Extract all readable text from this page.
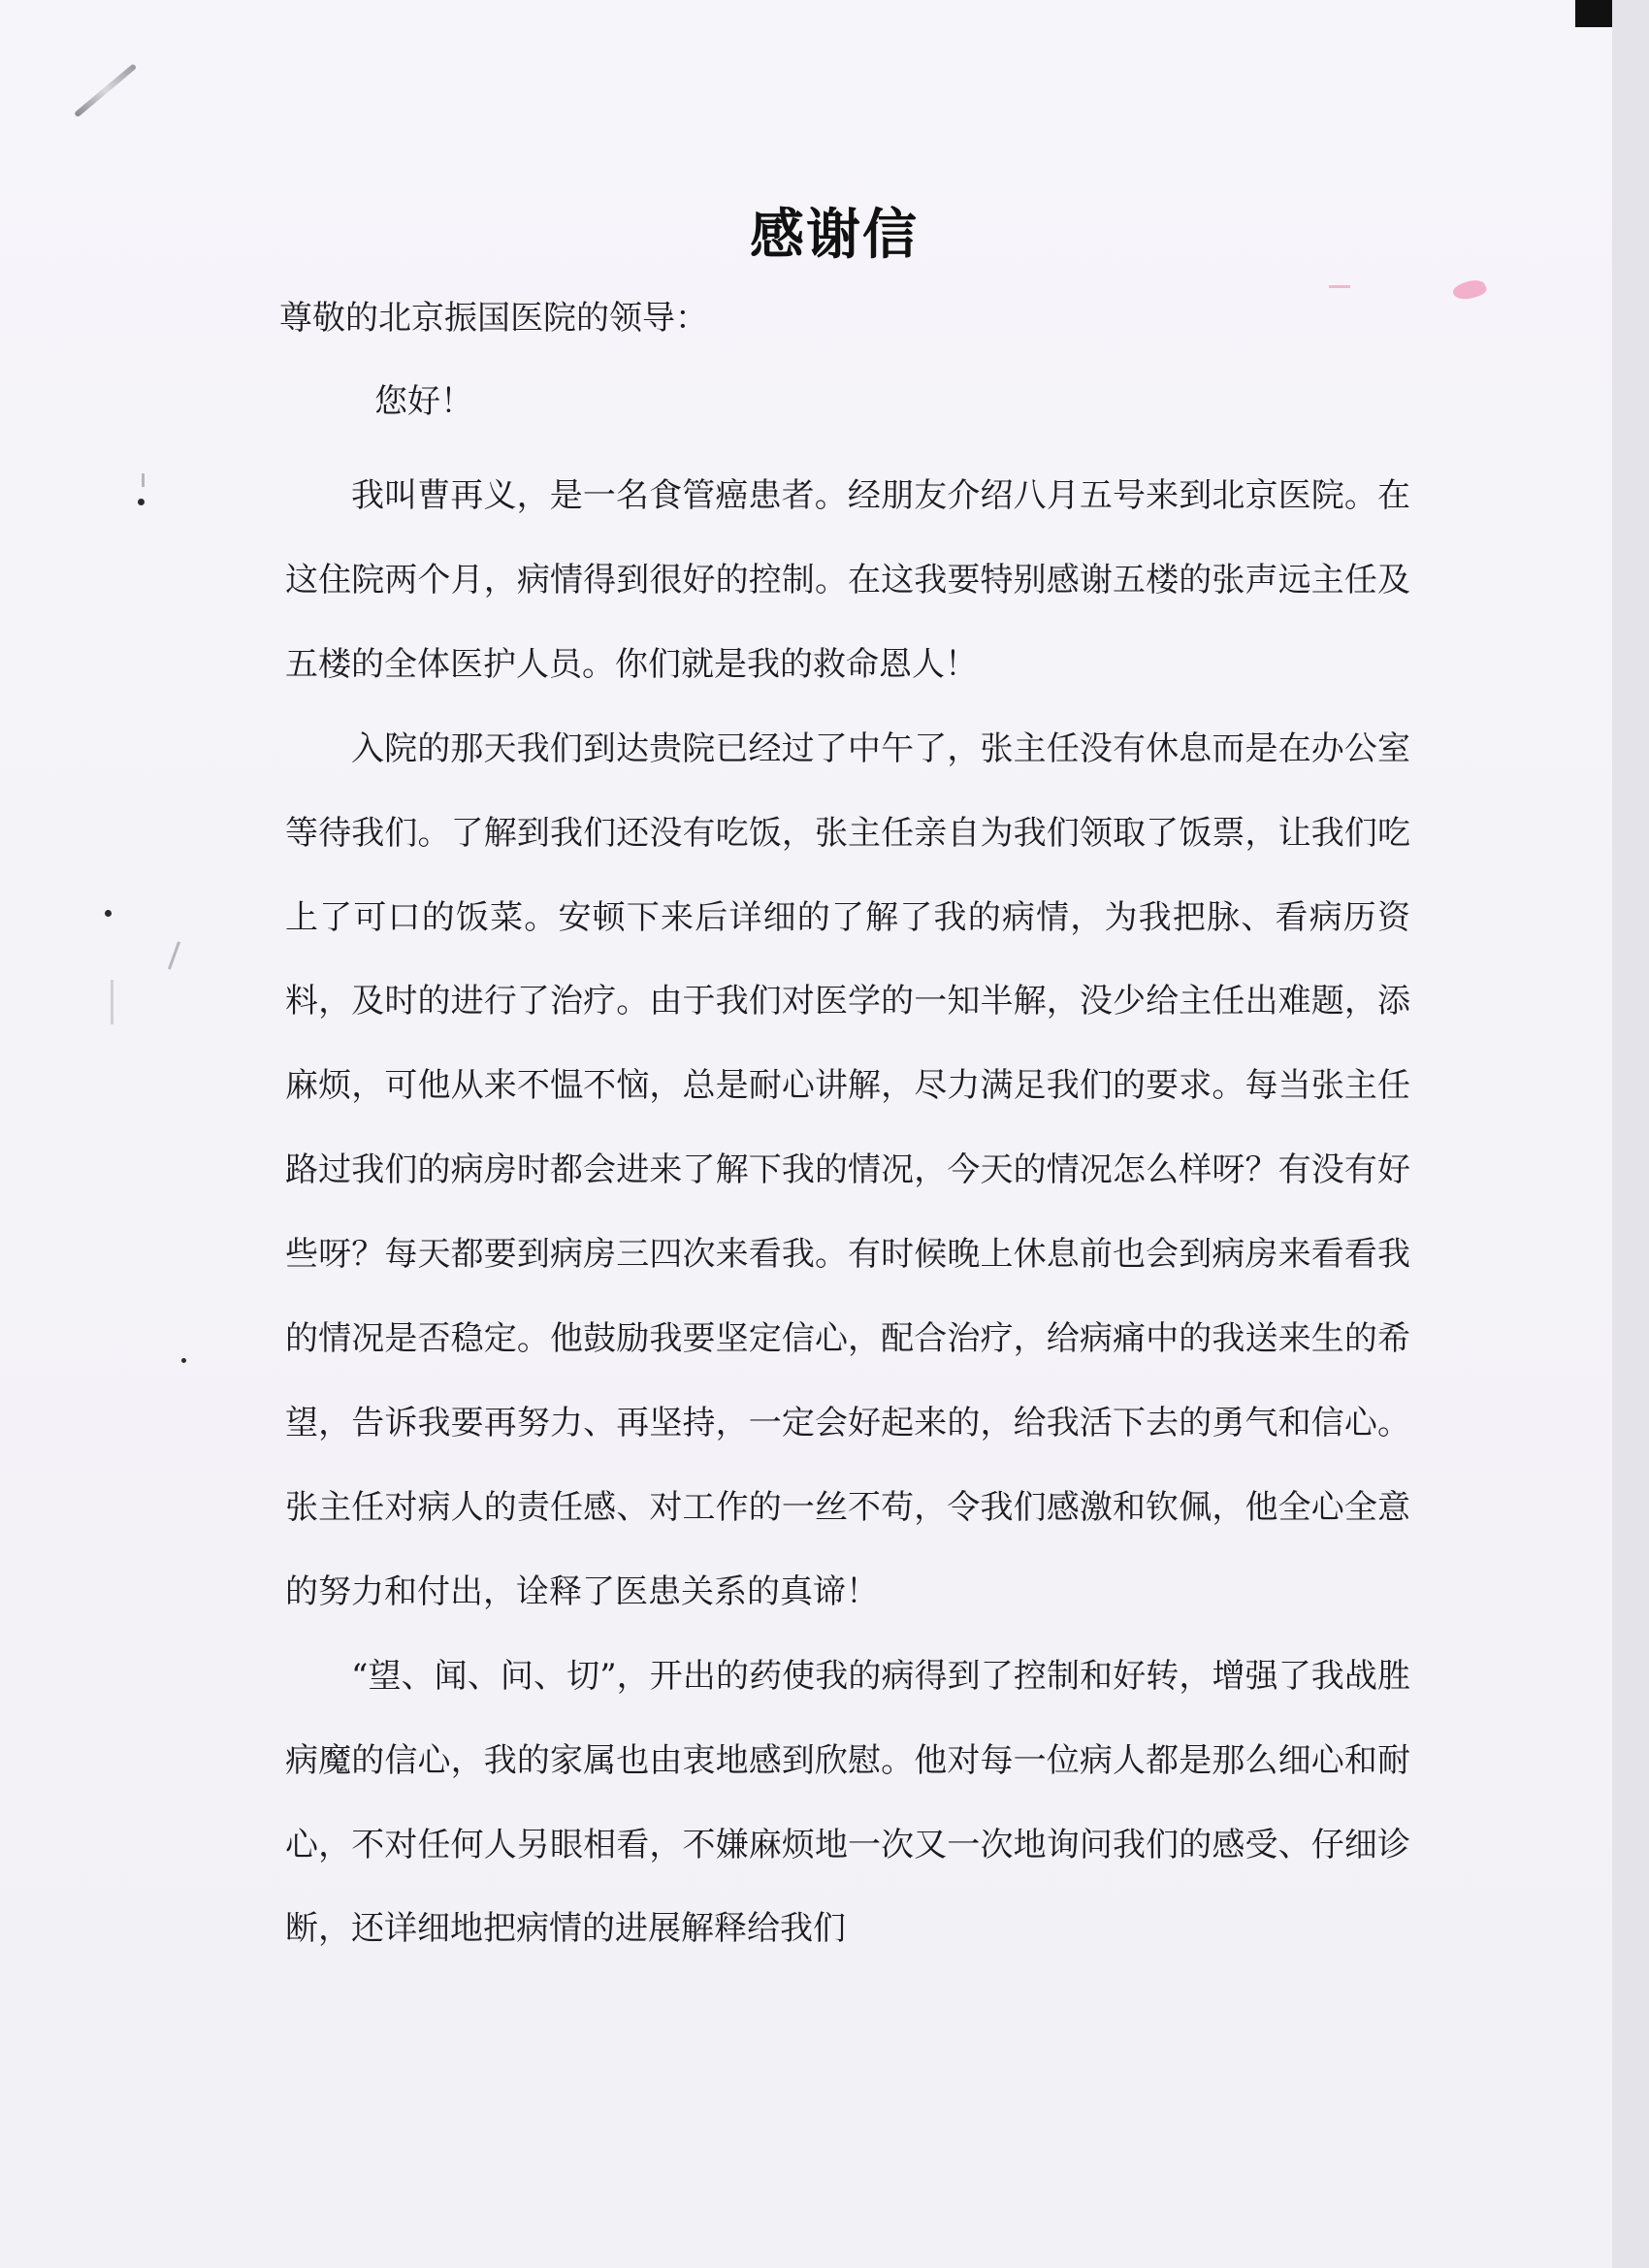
感谢信
尊敬的北京振国医院的领导：
您好！

我叫曹再义，是一名食管癌患者。经朋友介绍八月五号来到北京医院。在这住院两个月，病情得到很好的控制。在这我要特别感谢五楼的张声远主任及五楼的全体医护人员。你们就是我的救命恩人！

入院的那天我们到达贵院已经过了中午了，张主任没有休息而是在办公室等待我们。了解到我们还没有吃饭，张主任亲自为我们领取了饭票，让我们吃上了可口的饭菜。安顿下来后详细的了解了我的病情，为我把脉、看病历资料，及时的进行了治疗。由于我们对医学的一知半解，没少给主任出难题，添麻烦，可他从来不愠不恼，总是耐心讲解，尽力满足我们的要求。每当张主任路过我们的病房时都会进来了解下我的情况，今天的情况怎么样呀？有没有好些呀？每天都要到病房三四次来看我。有时候晚上休息前也会到病房来看看我的情况是否稳定。他鼓励我要坚定信心，配合治疗，给病痛中的我送来生的希望，告诉我要再努力、再坚持，一定会好起来的，给我活下去的勇气和信心。张主任对病人的责任感、对工作的一丝不苟，令我们感激和钦佩，他全心全意的努力和付出，诠释了医患关系的真谛！

“望、闻、问、切”，开出的药使我的病得到了控制和好转，增强了我战胜病魔的信心，我的家属也由衷地感到欣慰。他对每一位病人都是那么细心和耐心，不对任何人另眼相看，不嫌麻烦地一次又一次地询问我们的感受、仔细诊断，还详细地把病情的进展解释给我们
